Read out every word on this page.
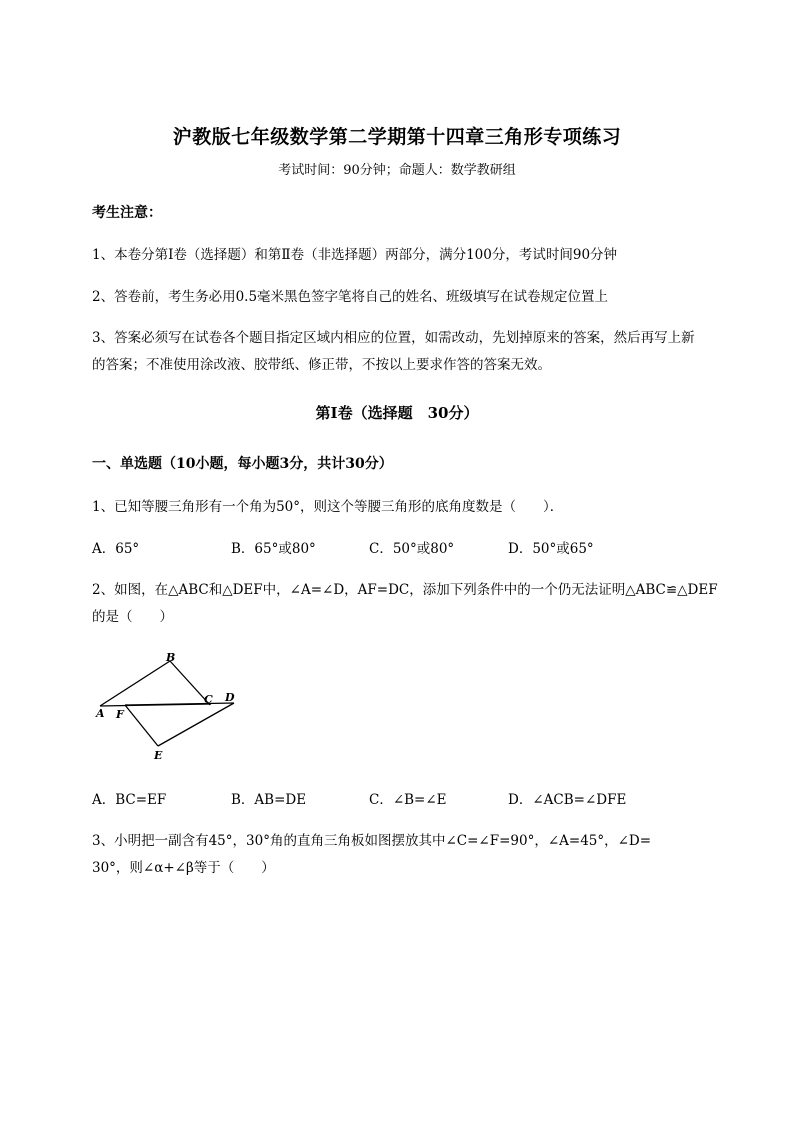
沪教版七年级数学第二学期第十四章三角形专项练习
考试时间：90分钟；命题人：数学教研组
考生注意：
1、本卷分第I卷（选择题）和第Ⅱ卷（非选择题）两部分，满分100分，考试时间90分钟
2、答卷前，考生务必用0.5毫米黑色签字笔将自己的姓名、班级填写在试卷规定位置上
3、答案必须写在试卷各个题目指定区域内相应的位置，如需改动，先划掉原来的答案，然后再写上新
的答案；不准使用涂改液、胶带纸、修正带，不按以上要求作答的答案无效。
第I卷（选择题　30分）
一、单选题（10小题，每小题3分，共计30分）
1、已知等腰三角形有一个角为50°，则这个等腰三角形的底角度数是（　　）．
A．65°	B．65°或80°	C．50°或80°	D．50°或65°
2、如图，在△ABC和△DEF中，∠A=∠D，AF=DC，添加下列条件中的一个仍无法证明△ABC≌△DEF
的是（　　）
A
B
C D
E
F
A．BC=EF	B．AB=DE	C．∠B=∠E	D．∠ACB=∠DFE
3、小明把一副含有45°，30°角的直角三角板如图摆放其中∠C=∠F=90°，∠A=45°，∠D=
30°，则∠α+∠β等于（　　）
